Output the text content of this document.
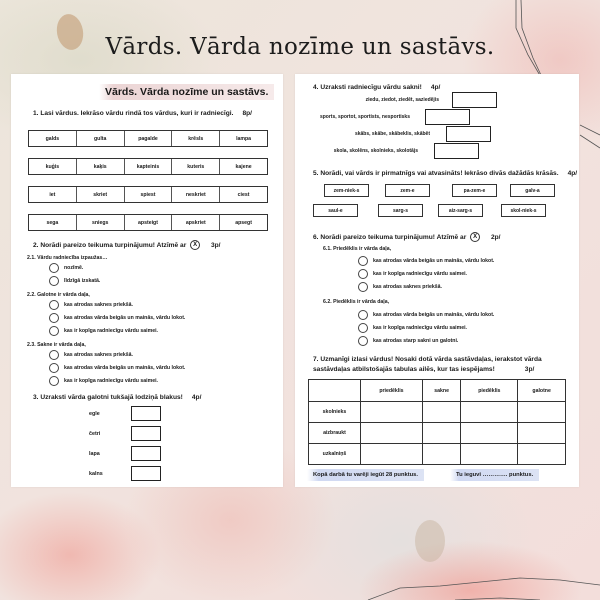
Vārds. Vārda nozīme un sastāvs.
Vārds. Vārda nozīme un sastāvs.
1. Lasi vārdus. Iekrāso vārdu rindā tos vārdus, kuri ir radniecīgi. 8p/
galds	gulta	pagalde	krēsls	lampa
kuģis	kaķis	kapteinis	kuteris	kajene
iet	skriet	spiest	neskriet	ciest
sega	sniegs	apsteigt	apskriet	apsegt
2. Norādi pareizo teikuma turpinājumu! Atzīmē ar X 3p/
2.1. Vārdu radniecība izpaužas…
nozīmē.
līdzīgā izskatā.
2.2. Galotne ir vārda daļa,
kas atrodas saknes priekšā.
kas atrodas vārda beigās un mainās, vārdu lokot.
kas ir kopīga radniecīgu vārdu saimei.
2.3. Sakne ir vārda daļa,
kas atrodas saknes priekšā.
kas atrodas vārda beigās un mainās, vārdu lokot.
kas ir kopīga radniecīgu vārdu saimei.
3. Uzraksti vārda galotni tukšajā lodziņā blakus! 4p/
egle
četri
lapa
kalns
4. Uzraksti radniecīgu vārdu sakni! 4p/
ziedu, ziedot, ziedēt, saziedējis
sports, sportot, sportists, nesportisks
skābs, skābe, skābeklis, skābēt
skola, skolēns, skolnieks, skolotājs
5. Norādi, vai vārds ir pirmatnīgs vai atvasināts! Iekrāso divās dažādās krāsās. 4p/
zem-niek-s	zem-e	pa-zem-e	galv-a
saul-e	sarg-s	aiz-sarg-s	skol-niek-s
6. Norādi pareizo teikuma turpinājumu! Atzīmē ar X 2p/
6.1. Priedēklis ir vārda daļa,
kas atrodas vārda beigās un mainās, vārdu lokot.
kas ir kopīga radniecīgu vārdu saimei.
kas atrodas saknes priekšā.
6.2. Piedēklis ir vārda daļa,
kas atrodas vārda beigās un mainās, vārdu lokot.
kas ir kopīga radniecīgu vārdu saimei.
kas atrodas starp sakni un galotni.
7. Uzmanīgi izlasi vārdus! Nosaki dotā vārda sastāvdaļas, ierakstot vārda
sastāvdaļas atbilstošajās tabulas ailēs, kur tas iespējams!	3p/
	priedēklis	sakne	piedēklis	galotne
skolnieks				
aizbraukt				
uzkalniņš				
Kopā darbā tu varēji iegūt 28 punktus.	Tu ieguvi …………. punktus.
